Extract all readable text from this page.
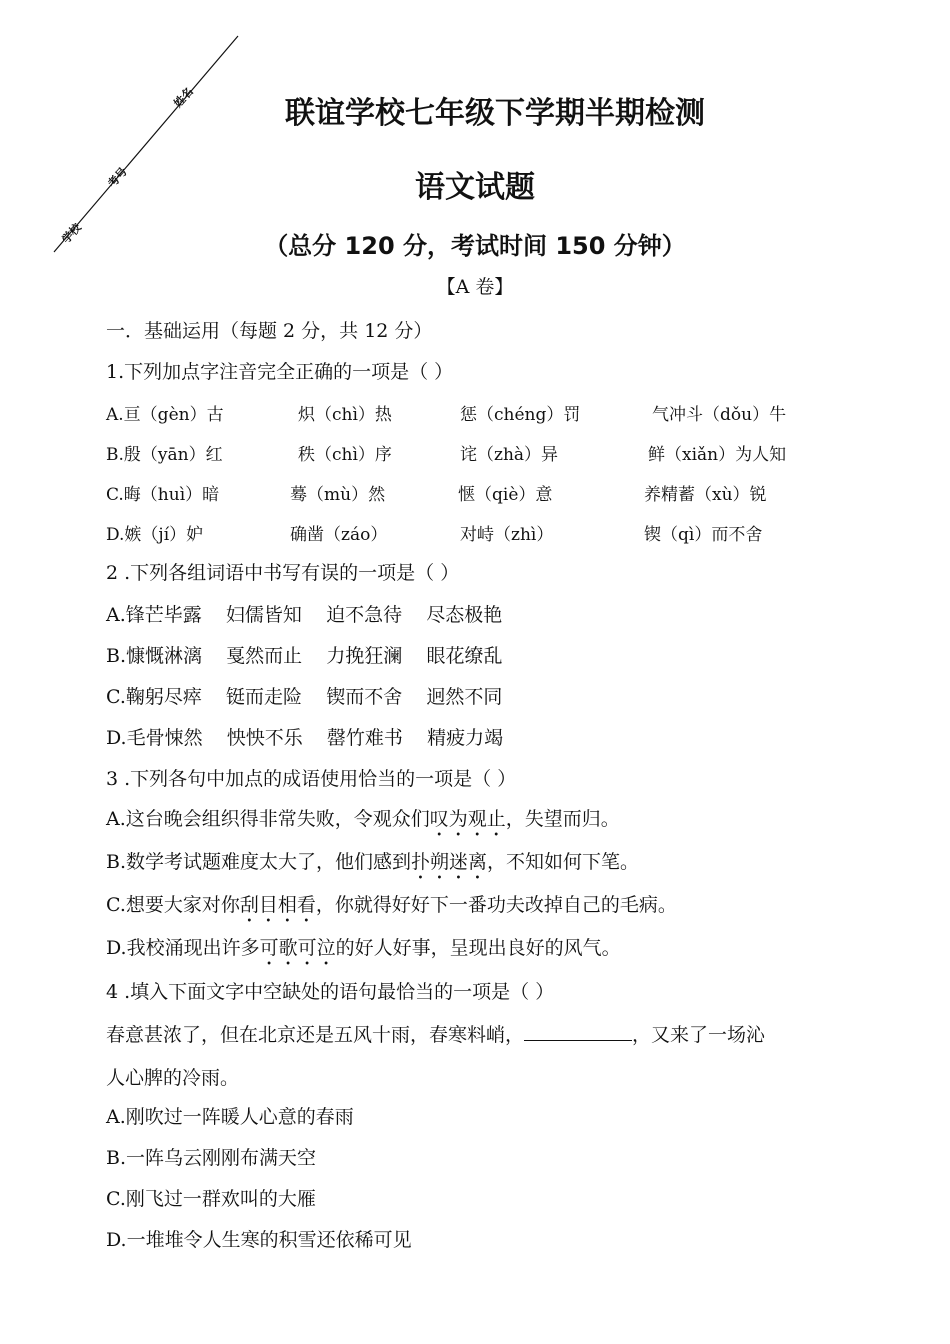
学校
考号
姓名	联谊学校七年级下学期半期检测
语文试题
（总分 120 分，考试时间 150 分钟）
【A 卷】
一．基础运用（每题 2 分，共 12 分）
1.下列加点字注音完全正确的一项是（ ）
A.亘（gèn）古	炽（chì）热	惩（chéng）罚	气冲斗（dǒu）牛
B.殷（yān）红	秩（chì）序	诧（zhà）异	鲜（xiǎn）为人知
C.晦（huì）暗	蓦（mù）然	惬（qiè）意	养精蓄（xù）锐
D.嫉（jí）妒	确凿（záo）	对峙（zhì）	锲（qì）而不舍
2 .下列各组词语中书写有误的一项是（ ）
A.锋芒毕露    妇儒皆知    迫不急待    尽态极艳
B.慷慨淋漓    戛然而止    力挽狂澜    眼花缭乱
C.鞠躬尽瘁    铤而走险    锲而不舍    迥然不同
D.毛骨悚然    怏怏不乐    罄竹难书    精疲力竭
3 .下列各句中加点的成语使用恰当的一项是（ ）
A.这台晚会组织得非常失败，令观众们叹为观止，失望而归。
B.数学考试题难度太大了，他们感到扑朔迷离，不知如何下笔。
C.想要大家对你刮目相看，你就得好好下一番功夫改掉自己的毛病。
D.我校涌现出许多可歌可泣的好人好事，呈现出良好的风气。
4 .填入下面文字中空缺处的语句最恰当的一项是（ ）
春意甚浓了，但在北京还是五风十雨，春寒料峭，	，又来了一场沁
人心脾的冷雨。
A.刚吹过一阵暖人心意的春雨
B.一阵乌云刚刚布满天空
C.刚飞过一群欢叫的大雁
D.一堆堆令人生寒的积雪还依稀可见
